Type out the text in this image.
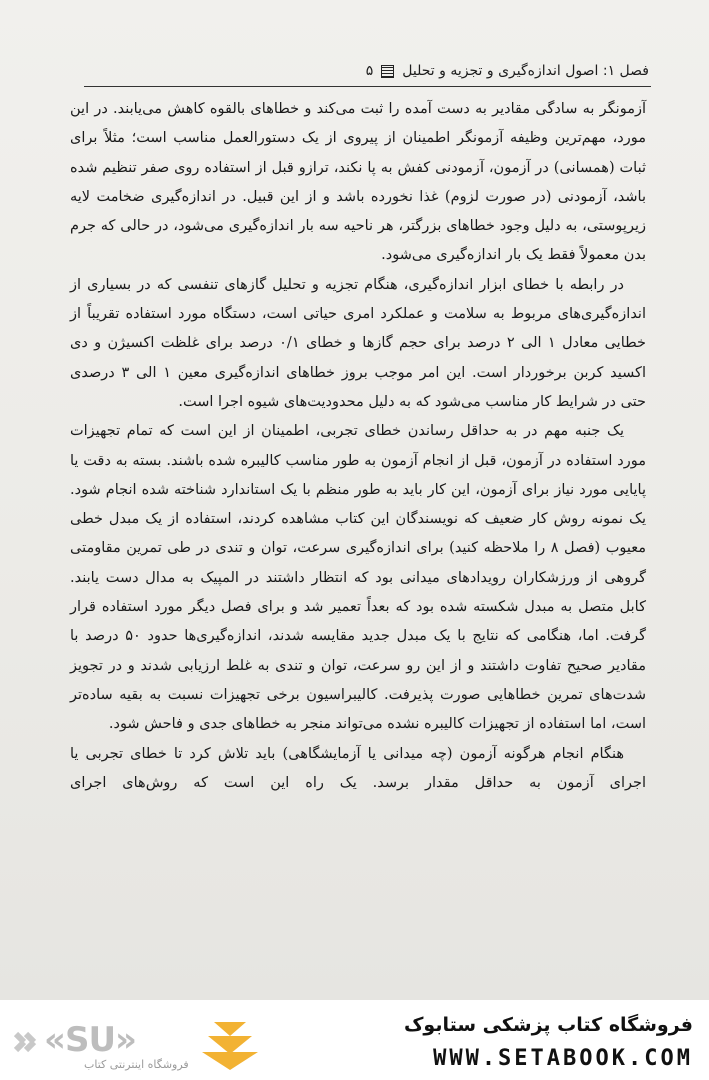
فصل ۱: اصول اندازه‌گیری و تجزیه و تحلیل
۵

آزمونگر به سادگی مقادیر به دست آمده را ثبت می‌کند و خطاهای بالقوه کاهش می‌یابند. در این مورد، مهم‌ترین وظیفه آزمونگر اطمینان از پیروی از یک دستورالعمل مناسب است؛ مثلاً برای ثبات (همسانی) در آزمون، آزمودنی کفش به پا نکند، ترازو قبل از استفاده روی صفر تنظیم شده باشد، آزمودنی (در صورت لزوم) غذا نخورده باشد و از این قبیل. در اندازه‌گیری ضخامت لایه زیرپوستی، به دلیل وجود خطاهای بزرگتر، هر ناحیه سه بار اندازه‌گیری می‌شود، در حالی که جرم بدن معمولاً فقط یک بار اندازه‌گیری می‌شود.

در رابطه با خطای ابزار اندازه‌گیری، هنگام تجزیه و تحلیل گازهای تنفسی که در بسیاری از اندازه‌گیری‌های مربوط به سلامت و عملکرد امری حیاتی است، دستگاه مورد استفاده تقریباً از خطایی معادل ۱ الی ۲ درصد برای حجم گازها و خطای ۰/۱ درصد برای غلظت اکسیژن و دی اکسید کربن برخوردار است. این امر موجب بروز خطاهای اندازه‌گیری معین ۱ الی ۳ درصدی حتی در شرایط کار مناسب می‌شود که به دلیل محدودیت‌های شیوه اجرا است.

یک جنبه مهم در به حداقل رساندن خطای تجربی، اطمینان از این است که تمام تجهیزات مورد استفاده در آزمون، قبل از انجام آزمون به طور مناسب کالیبره شده باشند. بسته به دقت یا پایایی مورد نیاز برای آزمون، این کار باید به طور منظم با یک استاندارد شناخته شده انجام شود. یک نمونه روش کار ضعیف که نویسندگان این کتاب مشاهده کردند، استفاده از یک مبدل خطی معیوب (فصل ۸ را ملاحظه کنید) برای اندازه‌گیری سرعت، توان و تندی در طی تمرین مقاومتی گروهی از ورزشکاران رویدادهای میدانی بود که انتظار داشتند در المپیک به مدال دست یابند. کابل متصل به مبدل شکسته شده بود که بعداً تعمیر شد و برای فصل دیگر مورد استفاده قرار گرفت. اما، هنگامی که نتایج با یک مبدل جدید مقایسه شدند، اندازه‌گیری‌ها حدود ۵۰ درصد با مقادیر صحیح تفاوت داشتند و از این رو سرعت، توان و تندی به غلط ارزیابی شدند و در تجویز شدت‌های تمرین خطاهایی صورت پذیرفت. کالیبراسیون برخی تجهیزات نسبت به بقیه ساده‌تر است، اما استفاده از تجهیزات کالیبره نشده می‌تواند منجر به خطاهای جدی و فاحش شود.

هنگام انجام هرگونه آزمون (چه میدانی یا آزمایشگاهی) باید تلاش کرد تا خطای تجربی یا اجرای آزمون به حداقل مقدار برسد. یک راه این است که روش‌های اجرای

«SU»
فروشگاه اینترنتی کتاب
فروشگاه کتاب پزشکی ستابوک
WWW.SETABOOK.COM
